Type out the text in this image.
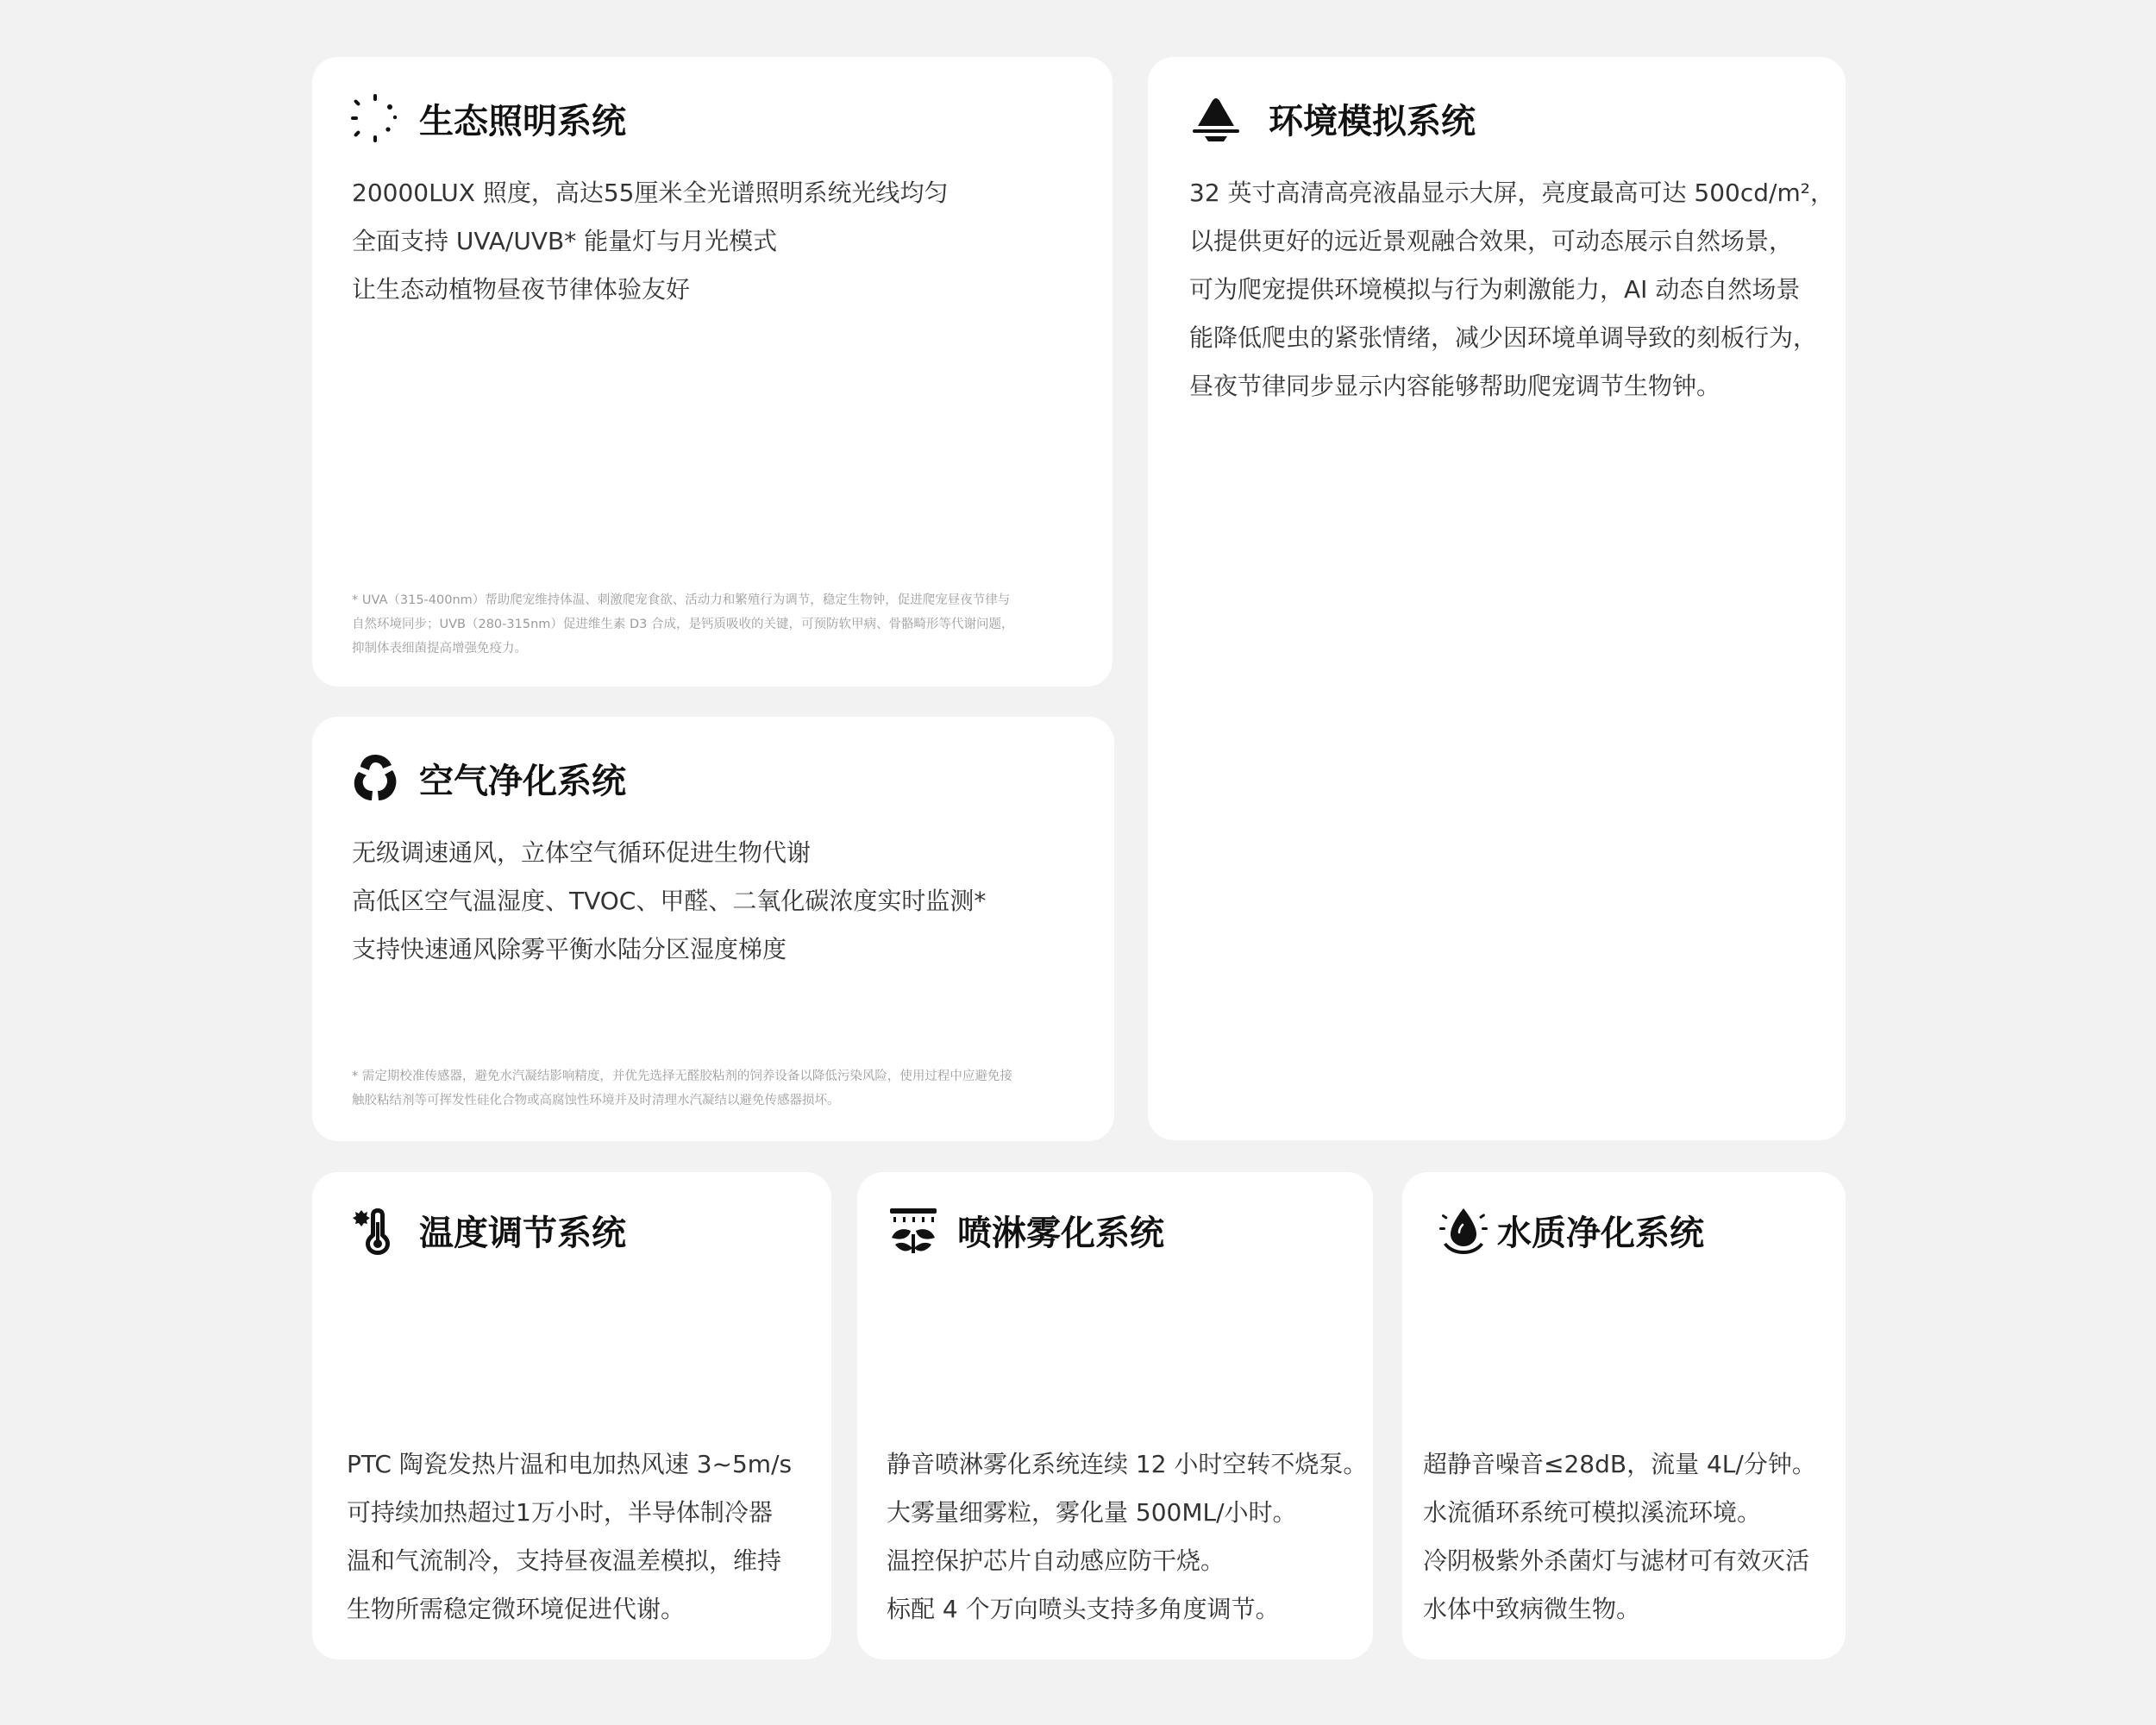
生态照明系统
20000LUX 照度，高达55厘米全光谱照明系统光线均匀
全面支持 UVA/UVB* 能量灯与月光模式
让生态动植物昼夜节律体验友好
* UVA（315-400nm）帮助爬宠维持体温、刺激爬宠食欲、活动力和繁殖行为调节，稳定生物钟，促进爬宠昼夜节律与
自然环境同步；UVB（280-315nm）促进维生素 D3 合成，是钙质吸收的关键，可预防软甲病、骨骼畸形等代谢问题，
抑制体表细菌提高增强免疫力。
环境模拟系统
32 英寸高清高亮液晶显示大屏，亮度最高可达 500cd/m²，
以提供更好的远近景观融合效果，可动态展示自然场景，
可为爬宠提供环境模拟与行为刺激能力，AI 动态自然场景
能降低爬虫的紧张情绪，减少因环境单调导致的刻板行为，
昼夜节律同步显示内容能够帮助爬宠调节生物钟。
空气净化系统
无级调速通风，立体空气循环促进生物代谢
高低区空气温湿度、TVOC、甲醛、二氧化碳浓度实时监测*
支持快速通风除雾平衡水陆分区湿度梯度
* 需定期校准传感器，避免水汽凝结影响精度，并优先选择无醛胶粘剂的饲养设备以降低污染风险，使用过程中应避免接
触胶粘结剂等可挥发性硅化合物或高腐蚀性环境并及时清理水汽凝结以避免传感器损坏。
温度调节系统
PTC 陶瓷发热片温和电加热风速 3~5m/s
可持续加热超过1万小时，半导体制冷器
温和气流制冷，支持昼夜温差模拟，维持
生物所需稳定微环境促进代谢。
喷淋雾化系统
静音喷淋雾化系统连续 12 小时空转不烧泵。
大雾量细雾粒，雾化量 500ML/小时。
温控保护芯片自动感应防干烧。
标配 4 个万向喷头支持多角度调节。
水质净化系统
超静音噪音≤28dB，流量 4L/分钟。
水流循环系统可模拟溪流环境。
冷阴极紫外杀菌灯与滤材可有效灭活
水体中致病微生物。
